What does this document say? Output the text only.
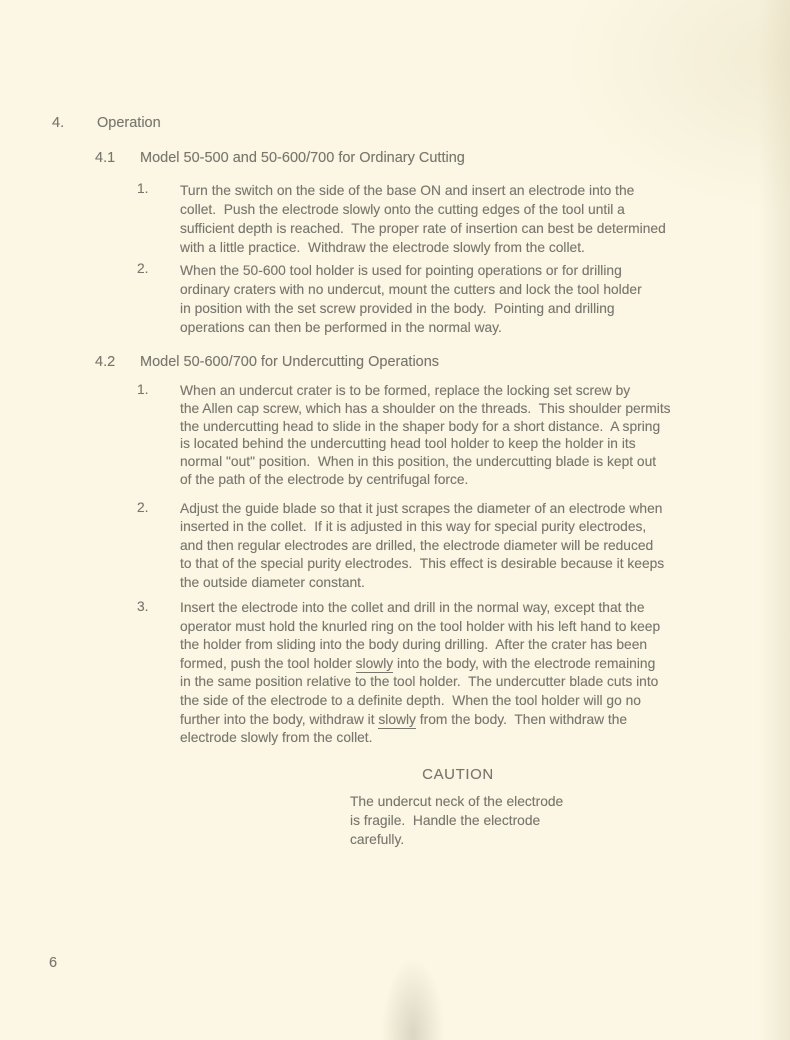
4. Operation
4.1 Model 50-500 and 50-600/700 for Ordinary Cutting
1. Turn the switch on the side of the base ON and insert an electrode into the
collet.  Push the electrode slowly onto the cutting edges of the tool until a
sufficient depth is reached.  The proper rate of insertion can best be determined
with a little practice.  Withdraw the electrode slowly from the collet.
2. When the 50-600 tool holder is used for pointing operations or for drilling
ordinary craters with no undercut, mount the cutters and lock the tool holder
in position with the set screw provided in the body.  Pointing and drilling
operations can then be performed in the normal way.
4.2 Model 50-600/700 for Undercutting Operations
1. When an undercut crater is to be formed, replace the locking set screw by
the Allen cap screw, which has a shoulder on the threads.  This shoulder permits
the undercutting head to slide in the shaper body for a short distance.  A spring
is located behind the undercutting head tool holder to keep the holder in its
normal "out" position.  When in this position, the undercutting blade is kept out
of the path of the electrode by centrifugal force.
2. Adjust the guide blade so that it just scrapes the diameter of an electrode when
inserted in the collet.  If it is adjusted in this way for special purity electrodes,
and then regular electrodes are drilled, the electrode diameter will be reduced
to that of the special purity electrodes.  This effect is desirable because it keeps
the outside diameter constant.
3. Insert the electrode into the collet and drill in the normal way, except that the
operator must hold the knurled ring on the tool holder with his left hand to keep
the holder from sliding into the body during drilling.  After the crater has been
formed, push the tool holder slowly into the body, with the electrode remaining
in the same position relative to the tool holder.  The undercutter blade cuts into
the side of the electrode to a definite depth.  When the tool holder will go no
further into the body, withdraw it slowly from the body.  Then withdraw the
electrode slowly from the collet.
CAUTION
The undercut neck of the electrode
is fragile.  Handle the electrode
carefully.
6
